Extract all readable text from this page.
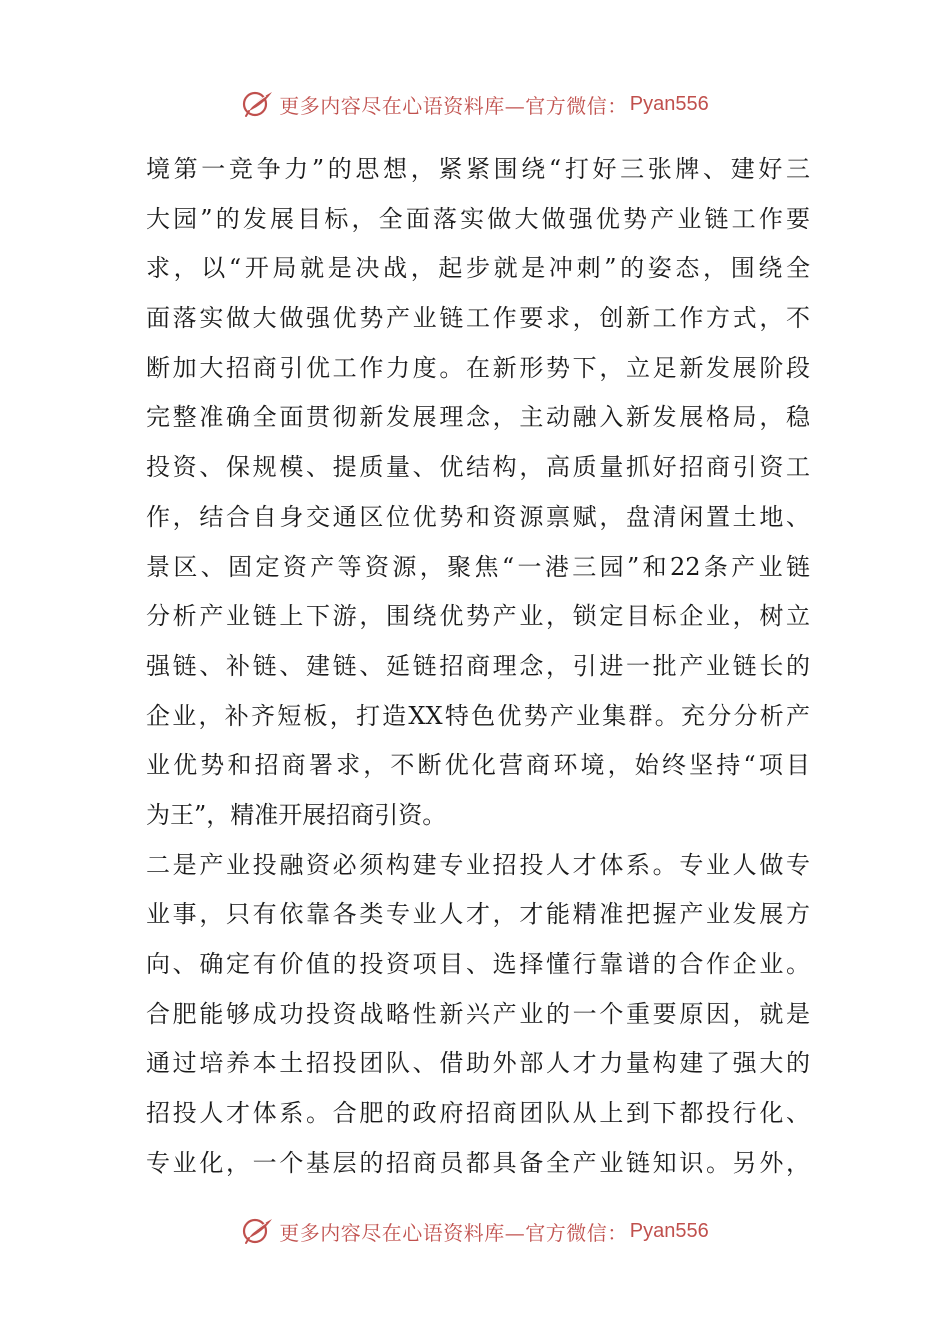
更多内容尽在心语资料库—官方微信： Pyan556
境第一竞争力”的思想，紧紧围绕“打好三张牌、建好三
大园”的发展目标，全面落实做大做强优势产业链工作要
求，以“开局就是决战，起步就是冲刺”的姿态，围绕全
面落实做大做强优势产业链工作要求，创新工作方式，不
断加大招商引优工作力度。在新形势下，立足新发展阶段
完整准确全面贯彻新发展理念，主动融入新发展格局，稳
投资、保规模、提质量、优结构，高质量抓好招商引资工
作，结合自身交通区位优势和资源禀赋，盘清闲置土地、
景区、固定资产等资源，聚焦“一港三园”和22条产业链
分析产业链上下游，围绕优势产业，锁定目标企业，树立
强链、补链、建链、延链招商理念，引进一批产业链长的
企业，补齐短板，打造XX特色优势产业集群。充分分析产
业优势和招商署求，不断优化营商环境，始终坚持“项目
为王”，精准开展招商引资。
二是产业投融资必须构建专业招投人才体系。专业人做专
业事，只有依靠各类专业人才，才能精准把握产业发展方
向、确定有价值的投资项目、选择懂行靠谱的合作企业。
合肥能够成功投资战略性新兴产业的一个重要原因，就是
通过培养本土招投团队、借助外部人才力量构建了强大的
招投人才体系。合肥的政府招商团队从上到下都投行化、
专业化，一个基层的招商员都具备全产业链知识。另外，
更多内容尽在心语资料库—官方微信： Pyan556
